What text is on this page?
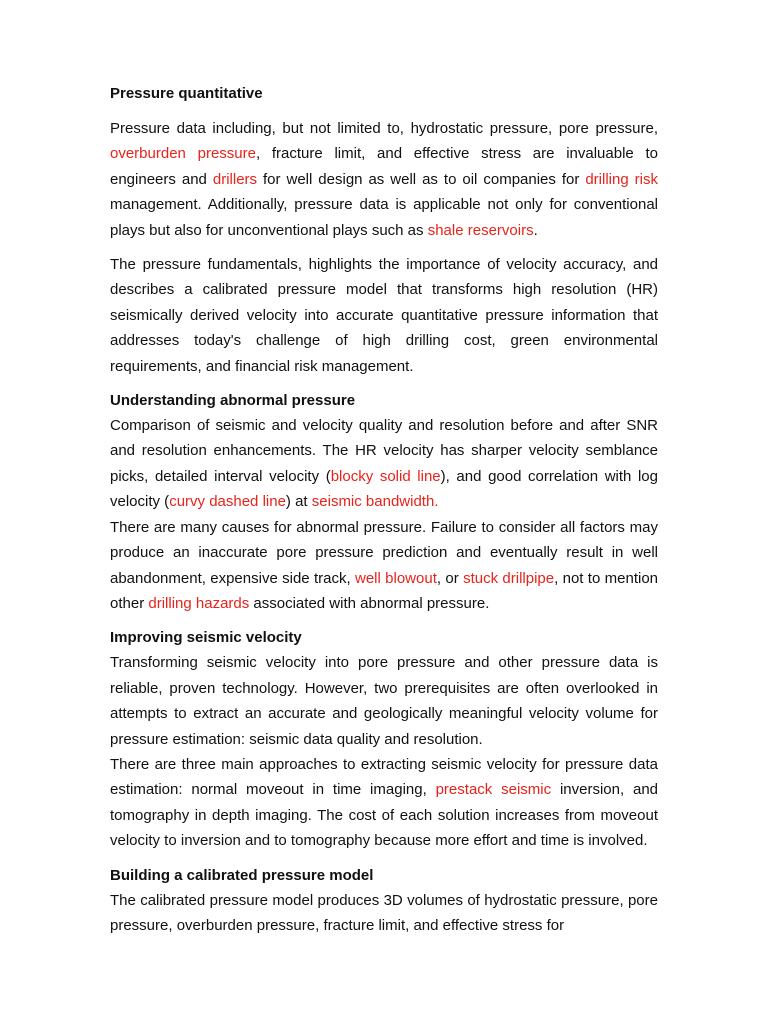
Pressure quantitative

Pressure data including, but not limited to, hydrostatic pressure, pore pressure, overburden pressure, fracture limit, and effective stress are invaluable to engineers and drillers for well design as well as to oil companies for drilling risk management. Additionally, pressure data is applicable not only for conventional plays but also for unconventional plays such as shale reservoirs.

The pressure fundamentals, highlights the importance of velocity accuracy, and describes a calibrated pressure model that transforms high resolution (HR) seismically derived velocity into accurate quantitative pressure information that addresses today's challenge of high drilling cost, green environmental requirements, and financial risk management.

Understanding abnormal pressure

Comparison of seismic and velocity quality and resolution before and after SNR and resolution enhancements. The HR velocity has sharper velocity semblance picks, detailed interval velocity (blocky solid line), and good correlation with log velocity (curvy dashed line) at seismic bandwidth.

There are many causes for abnormal pressure. Failure to consider all factors may produce an inaccurate pore pressure prediction and eventually result in well abandonment, expensive side track, well blowout, or stuck drillpipe, not to mention other drilling hazards associated with abnormal pressure.

Improving seismic velocity

Transforming seismic velocity into pore pressure and other pressure data is reliable, proven technology. However, two prerequisites are often overlooked in attempts to extract an accurate and geologically meaningful velocity volume for pressure estimation: seismic data quality and resolution.

There are three main approaches to extracting seismic velocity for pressure data estimation: normal moveout in time imaging, prestack seismic inversion, and tomography in depth imaging. The cost of each solution increases from moveout velocity to inversion and to tomography because more effort and time is involved.

Building a calibrated pressure model

The calibrated pressure model produces 3D volumes of hydrostatic pressure, pore pressure, overburden pressure, fracture limit, and effective stress for
